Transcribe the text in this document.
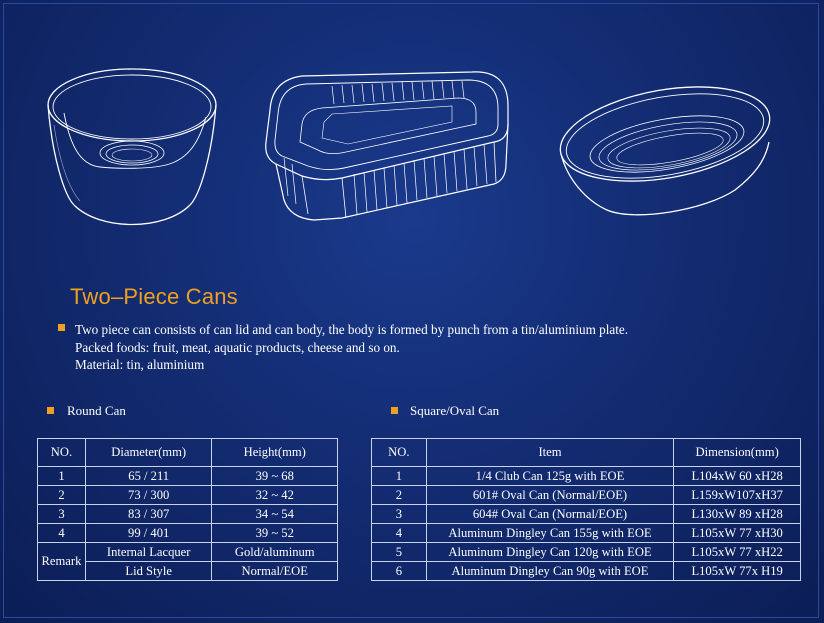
Two–Piece Cans
Two piece can consists of can lid and can body, the body is formed by punch from a tin/aluminium plate.
Packed foods: fruit, meat, aquatic products, cheese and so on.
Material: tin, aluminium
Round Can	Square/Oval Can
NO.	Diameter(mm)	Height(mm)
1	65 / 211	39 ~ 68
2	73 / 300	32 ~ 42
3	83 / 307	34 ~ 54
4	99 / 401	39 ~ 52
Remark	Internal Lacquer	Gold/aluminum
	Lid Style	Normal/EOE
NO.	Item	Dimension(mm)
1	1/4 Club Can 125g with EOE	L104xW 60 xH28
2	601# Oval Can (Normal/EOE)	L159xW107xH37
3	604# Oval Can (Normal/EOE)	L130xW 89 xH28
4	Aluminum Dingley Can 155g with EOE	L105xW 77 xH30
5	Aluminum Dingley Can 120g with EOE	L105xW 77 xH22
6	Aluminum Dingley Can 90g with EOE	L105xW 77x H19
